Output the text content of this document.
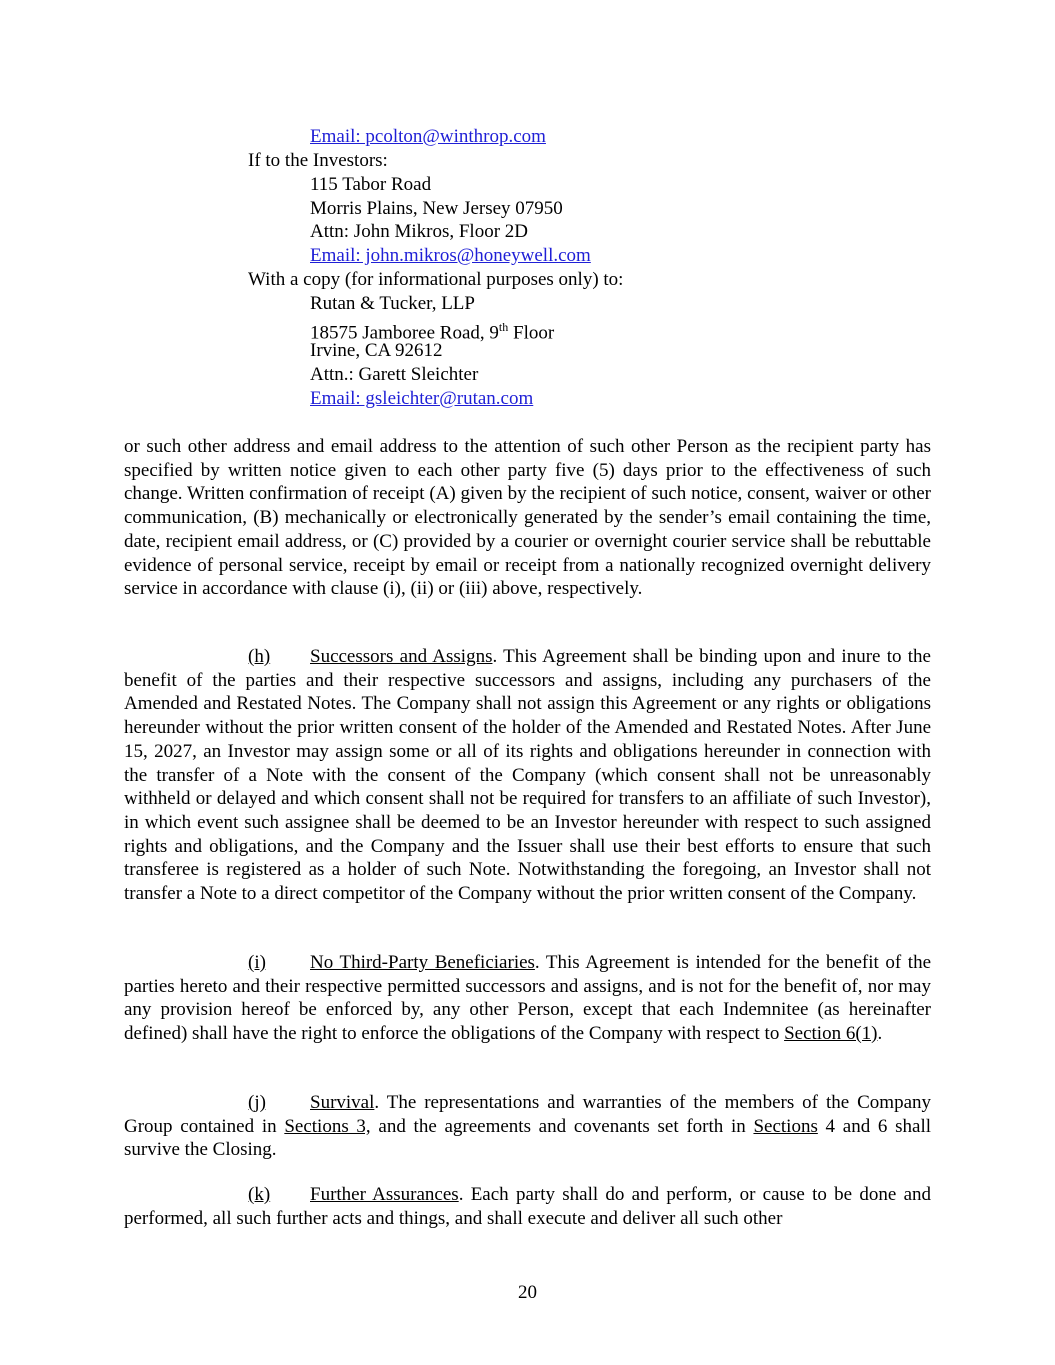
Email: pcolton@winthrop.com
If to the Investors:
115 Tabor Road
Morris Plains, New Jersey 07950
Attn: John Mikros, Floor 2D
Email: john.mikros@honeywell.com
With a copy (for informational purposes only) to:
Rutan & Tucker, LLP
18575 Jamboree Road, 9th Floor
Irvine, CA 92612
Attn.: Garett Sleichter
Email: gsleichter@rutan.com
or such other address and email address to the attention of such other Person as the recipient party has specified by written notice given to each other party five (5) days prior to the effectiveness of such change. Written confirmation of receipt (A) given by the recipient of such notice, consent, waiver or other communication, (B) mechanically or electronically generated by the sender’s email containing the time, date, recipient email address, or (C) provided by a courier or overnight courier service shall be rebuttable evidence of personal service, receipt by email or receipt from a nationally recognized overnight delivery service in accordance with clause (i), (ii) or (iii) above, respectively.
(h) Successors and Assigns. This Agreement shall be binding upon and inure to the benefit of the parties and their respective successors and assigns, including any purchasers of the Amended and Restated Notes. The Company shall not assign this Agreement or any rights or obligations hereunder without the prior written consent of the holder of the Amended and Restated Notes. After June 15, 2027, an Investor may assign some or all of its rights and obligations hereunder in connection with the transfer of a Note with the consent of the Company (which consent shall not be unreasonably withheld or delayed and which consent shall not be required for transfers to an affiliate of such Investor), in which event such assignee shall be deemed to be an Investor hereunder with respect to such assigned rights and obligations, and the Company and the Issuer shall use their best efforts to ensure that such transferee is registered as a holder of such Note. Notwithstanding the foregoing, an Investor shall not transfer a Note to a direct competitor of the Company without the prior written consent of the Company.
(i) No Third-Party Beneficiaries. This Agreement is intended for the benefit of the parties hereto and their respective permitted successors and assigns, and is not for the benefit of, nor may any provision hereof be enforced by, any other Person, except that each Indemnitee (as hereinafter defined) shall have the right to enforce the obligations of the Company with respect to Section 6(1).
(j) Survival. The representations and warranties of the members of the Company Group contained in Sections 3, and the agreements and covenants set forth in Sections 4 and 6 shall survive the Closing.
(k) Further Assurances. Each party shall do and perform, or cause to be done and performed, all such further acts and things, and shall execute and deliver all such other
20
